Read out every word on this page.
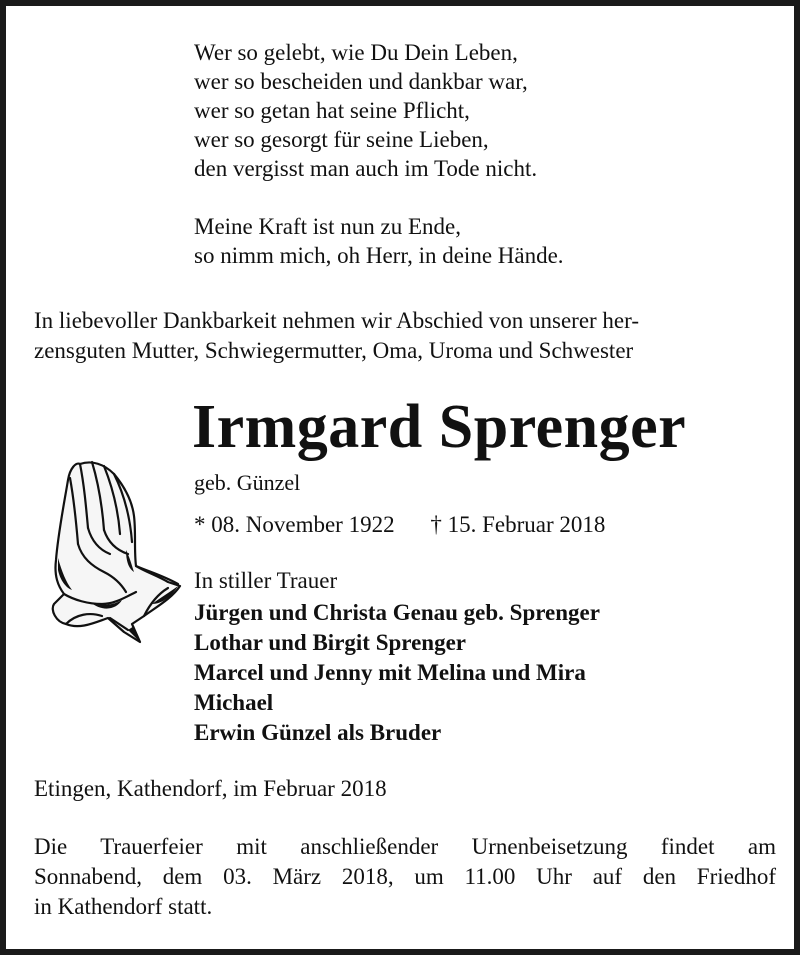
Wer so gelebt, wie Du Dein Leben,
wer so bescheiden und dankbar war,
wer so getan hat seine Pflicht,
wer so gesorgt für seine Lieben,
den vergisst man auch im Tode nicht.
Meine Kraft ist nun zu Ende,
so nimm mich, oh Herr, in deine Hände.
In liebevoller Dankbarkeit nehmen wir Abschied von unserer her-
zensguten Mutter, Schwiegermutter, Oma, Uroma und Schwester
Irmgard Sprenger
geb. Günzel
* 08. November 1922 † 15. Februar 2018
In stiller Trauer
Jürgen und Christa Genau geb. Sprenger
Lothar und Birgit Sprenger
Marcel und Jenny mit Melina und Mira
Michael
Erwin Günzel als Bruder
Etingen, Kathendorf, im Februar 2018
Die Trauerfeier mit anschließender Urnenbeisetzung findet am
Sonnabend, dem 03. März 2018, um 11.00 Uhr auf den Friedhof
in Kathendorf statt.
